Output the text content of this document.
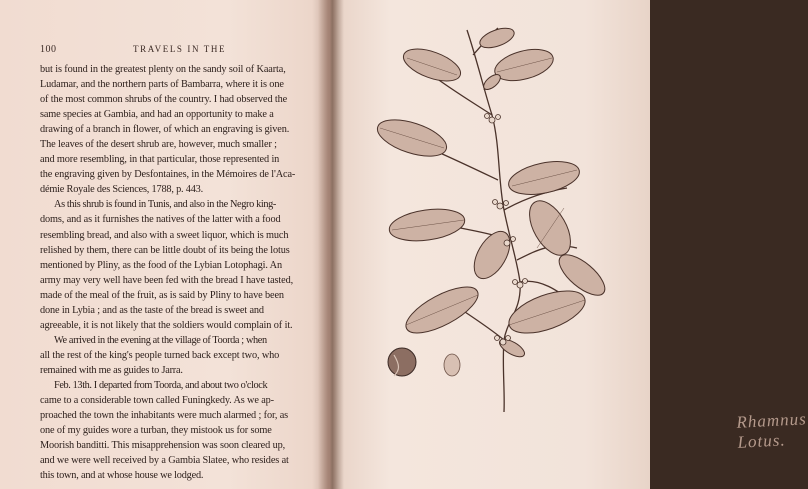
100	TRAVELS IN THE
but is found in the greatest plenty on the sandy soil of Kaarta,
Ludamar, and the northern parts of Bambarra, where it is one
of the most common shrubs of the country. I had observed the
same species at Gambia, and had an opportunity to make a
drawing of a branch in flower, of which an engraving is given.
The leaves of the desert shrub are, however, much smaller ;
and more resembling, in that particular, those represented in
the engraving given by Desfontaines, in the Mémoires de l'Aca-
démie Royale des Sciences, 1788, p. 443.
As this shrub is found in Tunis, and also in the Negro king-
doms, and as it furnishes the natives of the latter with a food
resembling bread, and also with a sweet liquor, which is much
relished by them, there can be little doubt of its being the lotus
mentioned by Pliny, as the food of the Lybian Lotophagi. An
army may very well have been fed with the bread I have tasted,
made of the meal of the fruit, as is said by Pliny to have been
done in Lybia ; and as the taste of the bread is sweet and
agreeable, it is not likely that the soldiers would complain of it.
We arrived in the evening at the village of Toorda ; when
all the rest of the king's people turned back except two, who
remained with me as guides to Jarra.
Feb. 13th. I departed from Toorda, and about two o'clock
came to a considerable town called Funingkedy. As we ap-
proached the town the inhabitants were much alarmed ; for, as
one of my guides wore a turban, they mistook us for some
Moorish banditti. This misapprehension was soon cleared up,
and we were well received by a Gambia Slatee, who resides at
this town, and at whose house we lodged.
Rhamnus Lotus.
